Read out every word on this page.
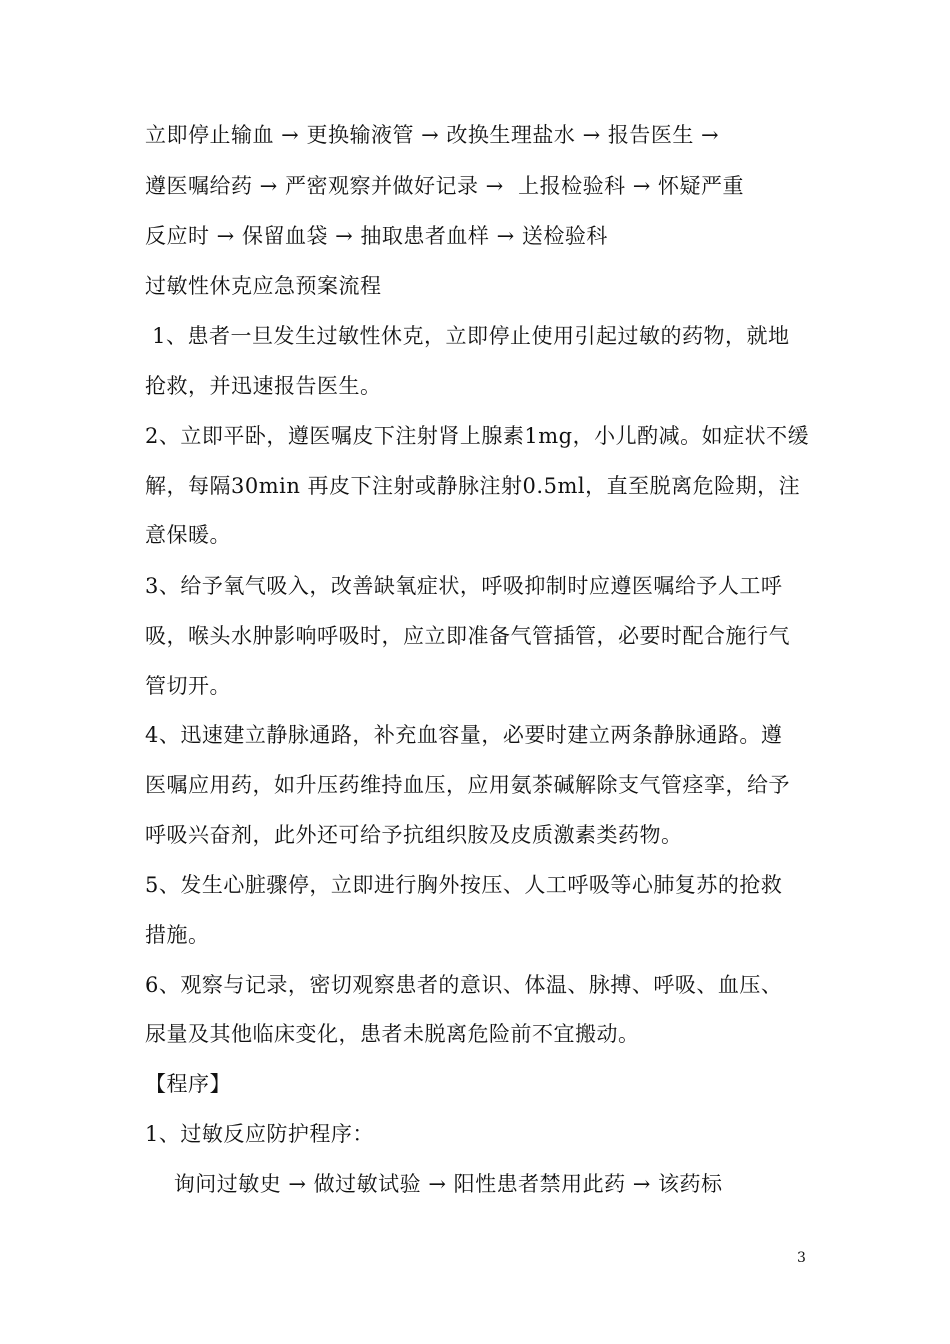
立即停止输血 → 更换输液管 → 改换生理盐水 → 报告医生 →
遵医嘱给药 → 严密观察并做好记录 →  上报检验科 → 怀疑严重
反应时 → 保留血袋 → 抽取患者血样 → 送检验科
过敏性休克应急预案流程
1、患者一旦发生过敏性休克，立即停止使用引起过敏的药物，就地
抢救，并迅速报告医生。
2、立即平卧，遵医嘱皮下注射肾上腺素1mg，小儿酌减。如症状不缓
解，每隔30min 再皮下注射或静脉注射0.5ml，直至脱离危险期，注
意保暖。
3、给予氧气吸入，改善缺氧症状，呼吸抑制时应遵医嘱给予人工呼
吸，喉头水肿影响呼吸时，应立即准备气管插管，必要时配合施行气
管切开。
4、迅速建立静脉通路，补充血容量，必要时建立两条静脉通路。遵
医嘱应用药，如升压药维持血压，应用氨茶碱解除支气管痉挛，给予
呼吸兴奋剂，此外还可给予抗组织胺及皮质激素类药物。
5、发生心脏骤停，立即进行胸外按压、人工呼吸等心肺复苏的抢救
措施。
6、观察与记录，密切观察患者的意识、体温、脉搏、呼吸、血压、
尿量及其他临床变化，患者未脱离危险前不宜搬动。
【程序】
1、过敏反应防护程序：
询问过敏史 → 做过敏试验 → 阳性患者禁用此药 → 该药标
3
